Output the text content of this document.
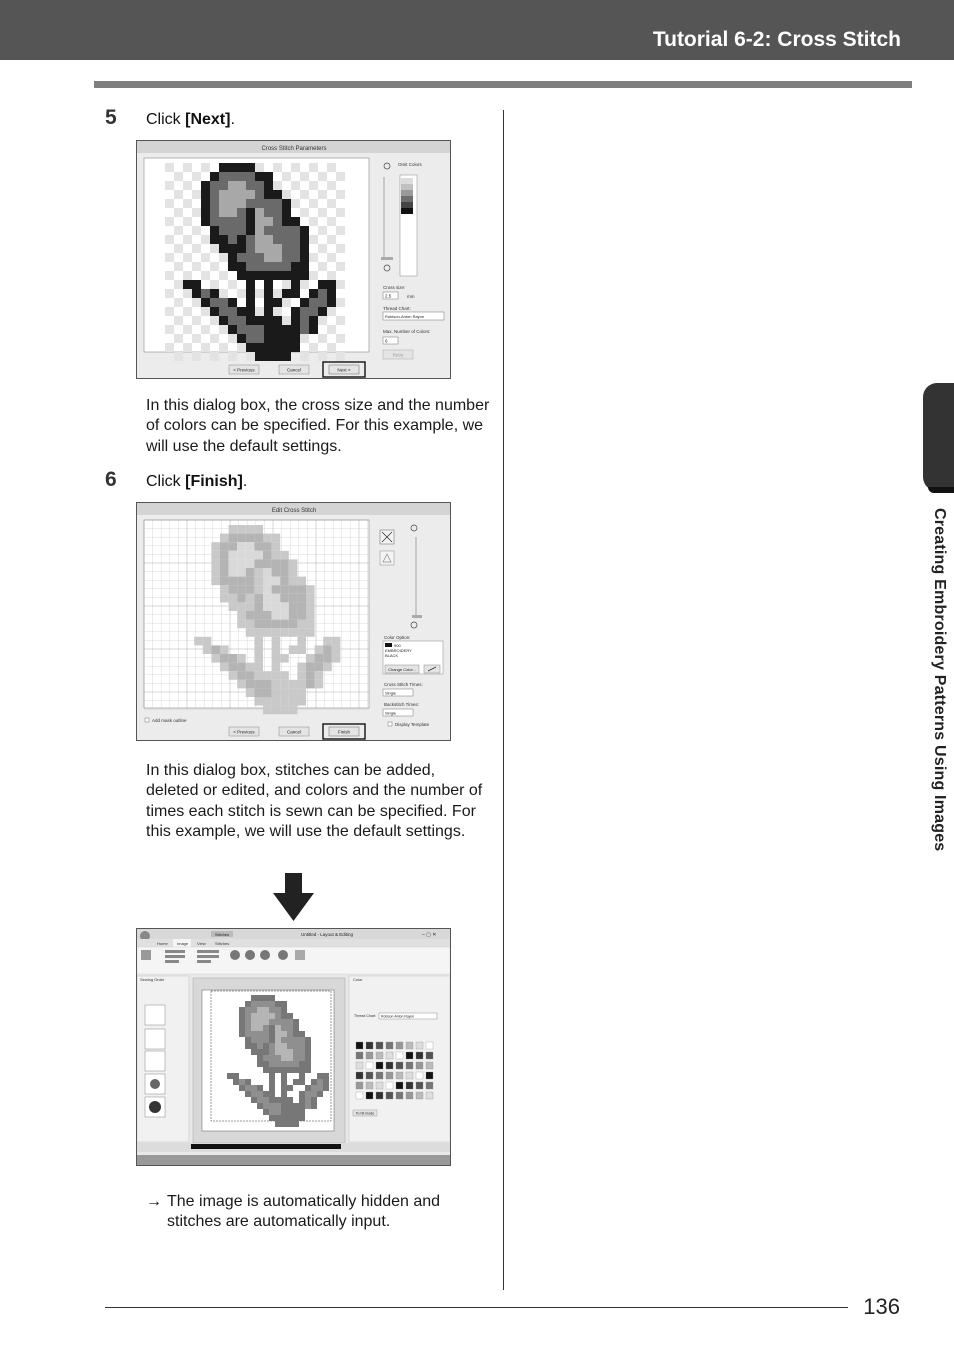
Tutorial 6-2: Cross Stitch
Creating Embroidery Patterns Using Images
5 Click [Next].
Cross Stitch Parameters
Omit Colors
Cross size:
2.5	mm
Thread Chart:
Robison-Anton Rayon
Max. Number of Colors:
6
Retry
< Previous	Cancel	Next >
In this dialog box, the cross size and the number of colors can be specified. For this example, we will use the default settings.
6 Click [Finish].
Edit Cross Stitch
Color Option:
900
EMBROIDERY
BLACK
Change Color...
Cross Stitch Times:
Single
Backstitch Times:
Single
Display Template
Add mask outline
< Previous	Cancel	Finish
In this dialog box, stitches can be added, deleted or edited, and colors and the number of times each stitch is sewn can be specified. For this example, we will use the default settings.
Stitches	Untitled - Layout & Editing	– ▢ ✕
Home Image View Stitches
Sewing Order	Color
Thread Chart: Robison-Anton Rayon
To hit mode
→ The image is automatically hidden and stitches are automatically input.
136
